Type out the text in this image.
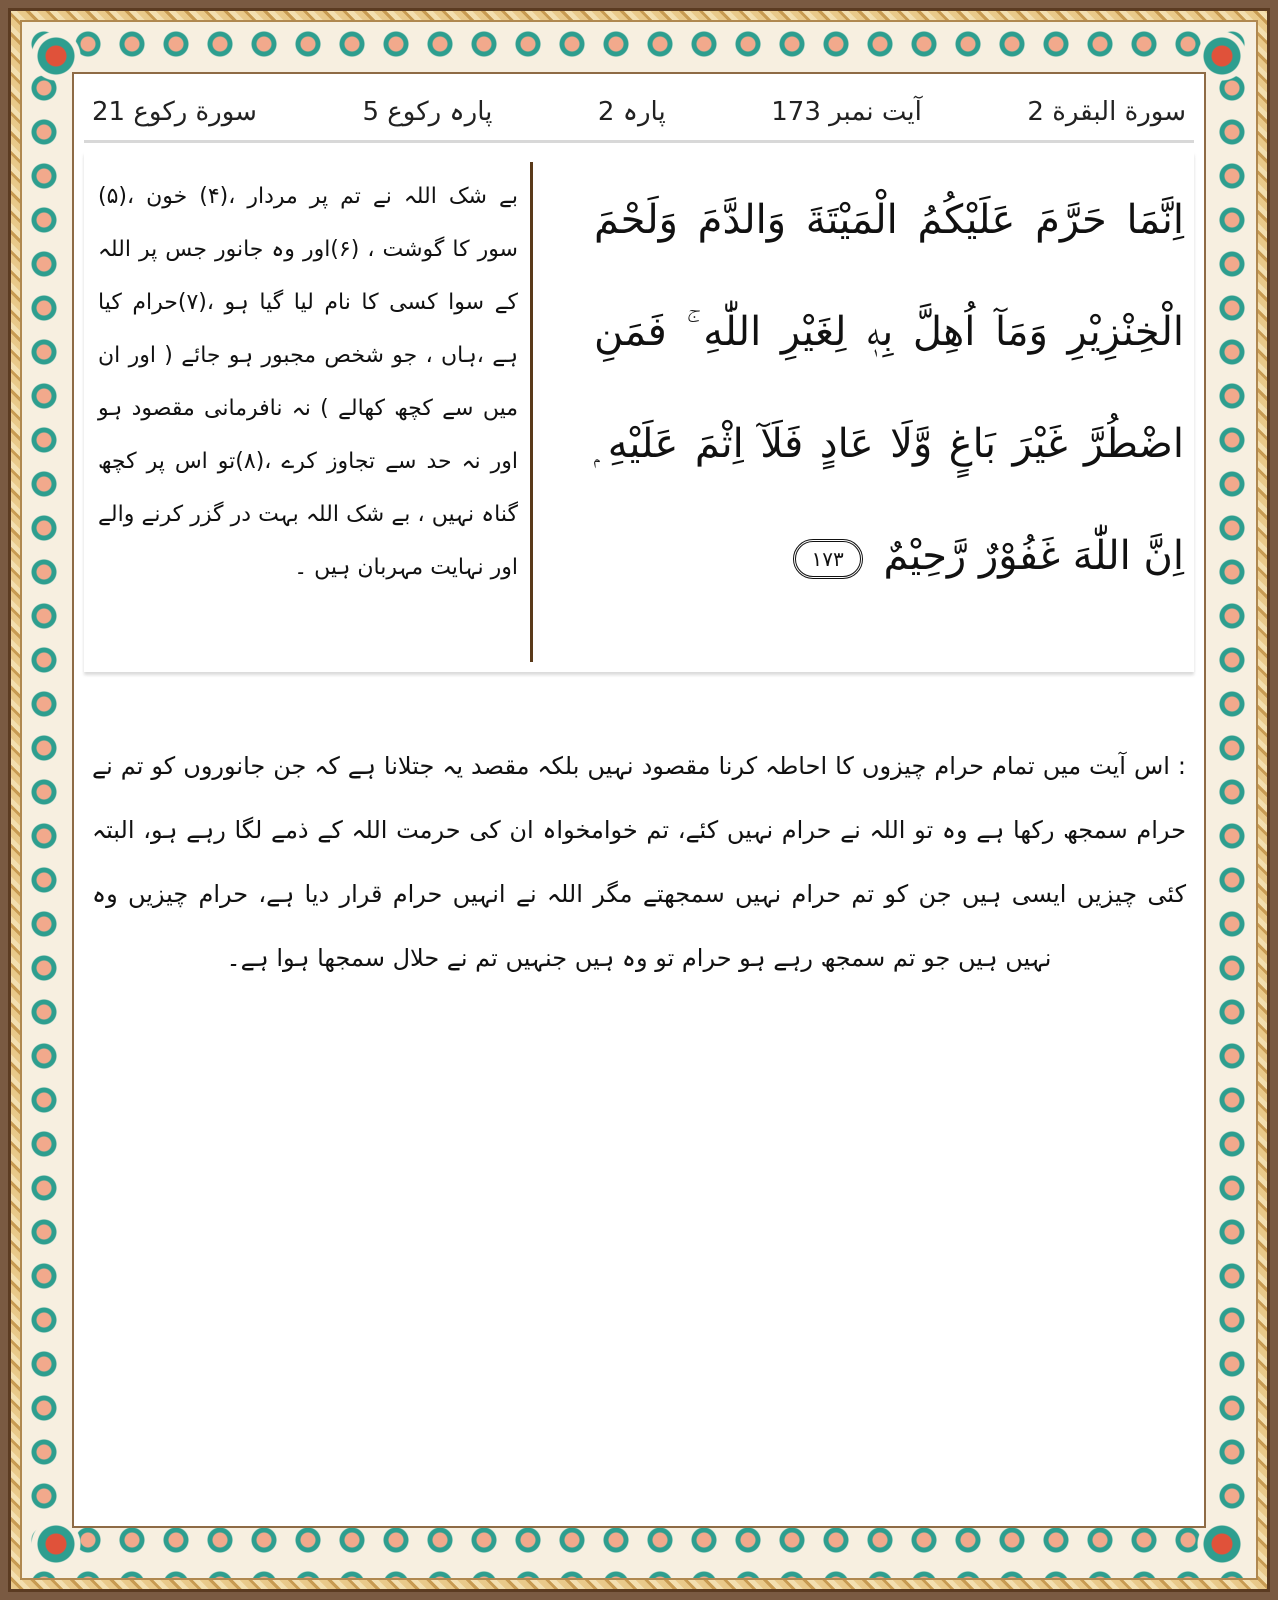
سورة البقرة 2
آیت نمبر 173
پارہ 2
پارہ رکوع 5
سورة رکوع 21
اِنَّمَا حَرَّمَ عَلَيْكُمُ الْمَيْتَةَ وَالدَّمَ وَلَحْمَ الْخِنْزِيْرِ وَمَآ اُهِلَّ بِهٖ لِغَيْرِ اللّٰهِ ۚ فَمَنِ اضْطُرَّ غَيْرَ بَاغٍ وَّلَا عَادٍ فَلَآ اِثْمَ عَلَيْهِ ۭ اِنَّ اللّٰهَ غَفُوْرٌ رَّحِيْمٌ ١٧٣
بے شک اللہ نے تم پر مردار ،(۴) خون ،(۵) سور کا گوشت ، (۶)اور وہ جانور جس پر اللہ کے سوا کسی کا نام لیا گیا ہو ،(۷)حرام کیا ہے ،ہاں ، جو شخص مجبور ہو جائے ( اور ان میں سے کچھ کھالے ) نہ نافرمانی مقصود ہو اور نہ حد سے تجاوز کرے ،(۸)تو اس پر کچھ گناہ نہیں ، بے شک اللہ بہت در گزر کرنے والے اور نہایت مہربان ہیں ۔
: اس آیت میں تمام حرام چیزوں کا احاطہ کرنا مقصود نہیں بلکہ مقصد یہ جتلانا ہے کہ جن جانوروں کو تم نے حرام سمجھ رکھا ہے وہ تو اللہ نے حرام نہیں کئے، تم خوامخواہ ان کی حرمت اللہ کے ذمے لگا رہے ہو، البتہ کئی چیزیں ایسی ہیں جن کو تم حرام نہیں سمجھتے مگر اللہ نے انہیں حرام قرار دیا ہے، حرام چیزیں وہ نہیں ہیں جو تم سمجھ رہے ہو حرام تو وہ ہیں جنہیں تم نے حلال سمجھا ہوا ہے۔
